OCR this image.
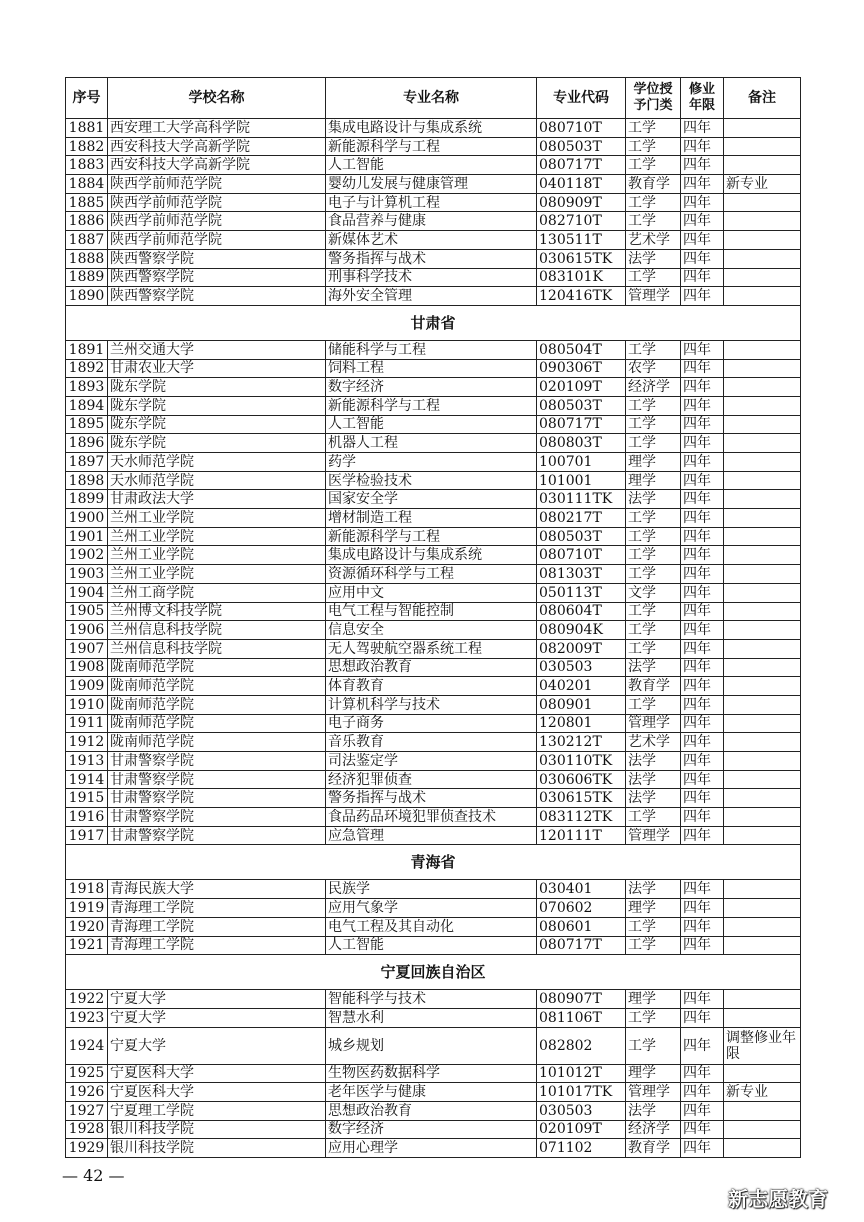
序号	学校名称	专业名称	专业代码	学位授予门类	修业年限	备注
1881	西安理工大学高科学院	集成电路设计与集成系统	080710T	工学	四年	
1882	西安科技大学高新学院	新能源科学与工程	080503T	工学	四年	
1883	西安科技大学高新学院	人工智能	080717T	工学	四年	
1884	陕西学前师范学院	婴幼儿发展与健康管理	040118T	教育学	四年	新专业
1885	陕西学前师范学院	电子与计算机工程	080909T	工学	四年	
1886	陕西学前师范学院	食品营养与健康	082710T	工学	四年	
1887	陕西学前师范学院	新媒体艺术	130511T	艺术学	四年	
1888	陕西警察学院	警务指挥与战术	030615TK	法学	四年	
1889	陕西警察学院	刑事科学技术	083101K	工学	四年	
1890	陕西警察学院	海外安全管理	120416TK	管理学	四年	
甘肃省						
1891	兰州交通大学	储能科学与工程	080504T	工学	四年	
1892	甘肃农业大学	饲料工程	090306T	农学	四年	
1893	陇东学院	数字经济	020109T	经济学	四年	
1894	陇东学院	新能源科学与工程	080503T	工学	四年	
1895	陇东学院	人工智能	080717T	工学	四年	
1896	陇东学院	机器人工程	080803T	工学	四年	
1897	天水师范学院	药学	100701	理学	四年	
1898	天水师范学院	医学检验技术	101001	理学	四年	
1899	甘肃政法大学	国家安全学	030111TK	法学	四年	
1900	兰州工业学院	增材制造工程	080217T	工学	四年	
1901	兰州工业学院	新能源科学与工程	080503T	工学	四年	
1902	兰州工业学院	集成电路设计与集成系统	080710T	工学	四年	
1903	兰州工业学院	资源循环科学与工程	081303T	工学	四年	
1904	兰州工商学院	应用中文	050113T	文学	四年	
1905	兰州博文科技学院	电气工程与智能控制	080604T	工学	四年	
1906	兰州信息科技学院	信息安全	080904K	工学	四年	
1907	兰州信息科技学院	无人驾驶航空器系统工程	082009T	工学	四年	
1908	陇南师范学院	思想政治教育	030503	法学	四年	
1909	陇南师范学院	体育教育	040201	教育学	四年	
1910	陇南师范学院	计算机科学与技术	080901	工学	四年	
1911	陇南师范学院	电子商务	120801	管理学	四年	
1912	陇南师范学院	音乐教育	130212T	艺术学	四年	
1913	甘肃警察学院	司法鉴定学	030110TK	法学	四年	
1914	甘肃警察学院	经济犯罪侦查	030606TK	法学	四年	
1915	甘肃警察学院	警务指挥与战术	030615TK	法学	四年	
1916	甘肃警察学院	食品药品环境犯罪侦查技术	083112TK	工学	四年	
1917	甘肃警察学院	应急管理	120111T	管理学	四年	
青海省						
1918	青海民族大学	民族学	030401	法学	四年	
1919	青海理工学院	应用气象学	070602	理学	四年	
1920	青海理工学院	电气工程及其自动化	080601	工学	四年	
1921	青海理工学院	人工智能	080717T	工学	四年	
宁夏回族自治区						
1922	宁夏大学	智能科学与技术	080907T	理学	四年	
1923	宁夏大学	智慧水利	081106T	工学	四年	
1924	宁夏大学	城乡规划	082802	工学	四年	调整修业年限
1925	宁夏医科大学	生物医药数据科学	101012T	理学	四年	
1926	宁夏医科大学	老年医学与健康	101017TK	管理学	四年	新专业
1927	宁夏理工学院	思想政治教育	030503	法学	四年	
1928	银川科技学院	数字经济	020109T	经济学	四年	
1929	银川科技学院	应用心理学	071102	教育学	四年	
— 42 —
新志愿教育
